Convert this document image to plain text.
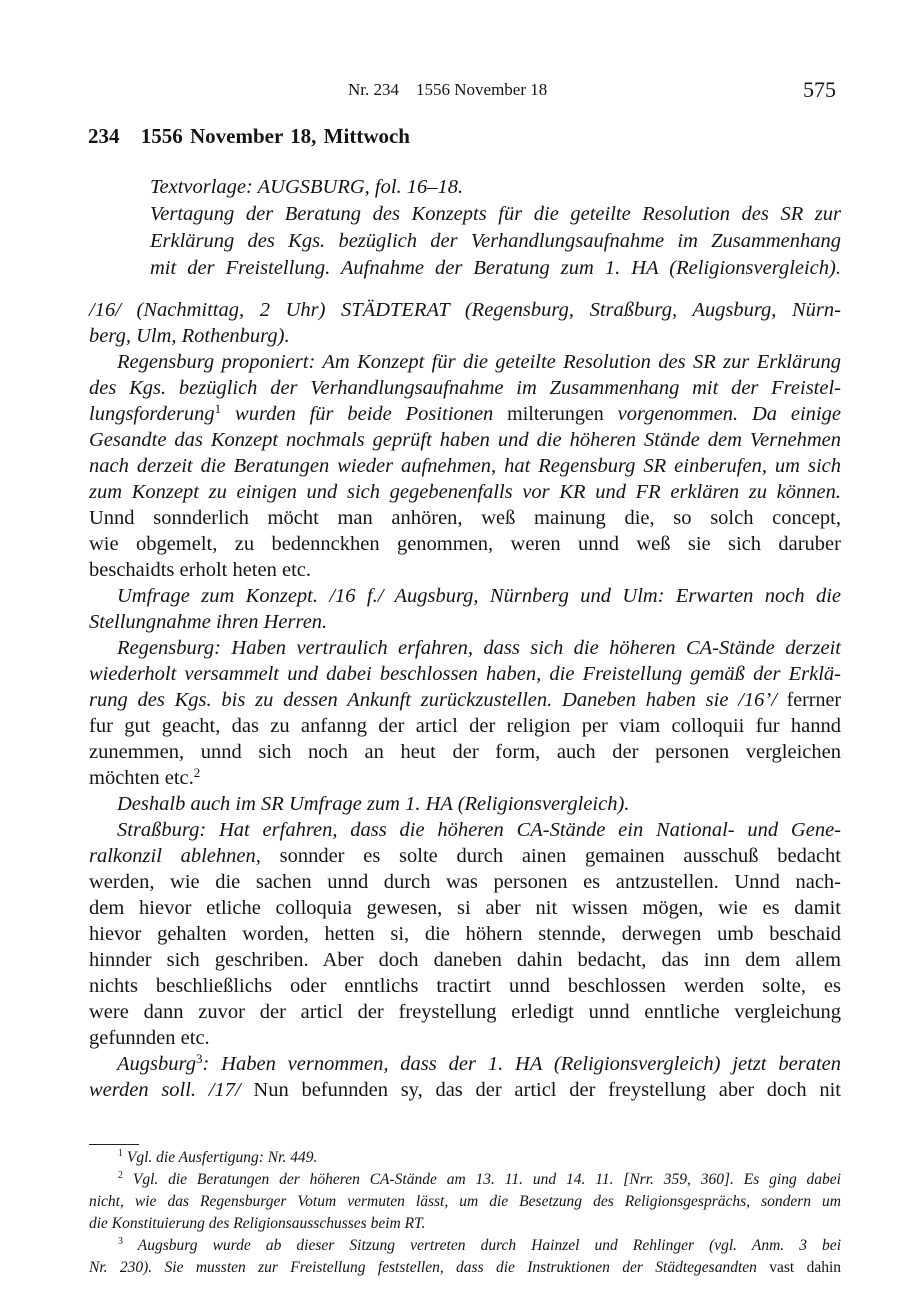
Nr. 234    1556 November 18	575
234 1556 November 18, Mittwoch
Textvorlage: AUGSBURG, fol. 16–18.
Vertagung der Beratung des Konzepts für die geteilte Resolution des SR zur
Erklärung des Kgs. bezüglich der Verhandlungsaufnahme im Zusammenhang
mit der Freistellung. Aufnahme der Beratung zum 1. HA (Religionsvergleich).
/16/ (Nachmittag, 2 Uhr) STÄDTERAT (Regensburg, Straßburg, Augsburg, Nürn-
berg, Ulm, Rothenburg).
Regensburg proponiert: Am Konzept für die geteilte Resolution des SR zur Erklärung
des Kgs. bezüglich der Verhandlungsaufnahme im Zusammenhang mit der Freistel-
lungsforderung$^1$ wurden für beide Positionen milterungen vorgenommen. Da einige
Gesandte das Konzept nochmals geprüft haben und die höheren Stände dem Vernehmen
nach derzeit die Beratungen wieder aufnehmen, hat Regensburg SR einberufen, um sich
zum Konzept zu einigen und sich gegebenenfalls vor KR und FR erklären zu können.
Unnd sonnderlich möcht man anhören, weß mainung die, so solch concept,
wie obgemelt, zu bedennckhen genommen, weren unnd weß sie sich daruber
beschaidts erholt heten etc.
Umfrage zum Konzept. /16 f./ Augsburg, Nürnberg und Ulm: Erwarten noch die
Stellungnahme ihren Herren.
Regensburg: Haben vertraulich erfahren, dass sich die höheren CA-Stände derzeit
wiederholt versammelt und dabei beschlossen haben, die Freistellung gemäß der Erklä-
rung des Kgs. bis zu dessen Ankunft zurückzustellen. Daneben haben sie /16’/ ferrner
fur gut geacht, das zu anfanng der articl der religion per viam colloquii fur hannd
zunemmen, unnd sich noch an heut der form, auch der personen vergleichen
möchten etc.$^2$
Deshalb auch im SR Umfrage zum 1. HA (Religionsvergleich).
Straßburg: Hat erfahren, dass die höheren CA-Stände ein National- und Gene-
ralkonzil ablehnen, sonnder es solte durch ainen gemainen ausschuß bedacht
werden, wie die sachen unnd durch was personen es antzustellen. Unnd nach-
dem hievor etliche colloquia gewesen, si aber nit wissen mögen, wie es damit
hievor gehalten worden, hetten si, die höhern stennde, derwegen umb beschaid
hinnder sich geschriben. Aber doch daneben dahin bedacht, das inn dem allem
nichts beschließlichs oder enntlichs tractirt unnd beschlossen werden solte, es
were dann zuvor der articl der freystellung erledigt unnd enntliche vergleichung
gefunnden etc.
Augsburg$^3$: Haben vernommen, dass der 1. HA (Religionsvergleich) jetzt beraten
werden soll. /17/ Nun befunnden sy, das der articl der freystellung aber doch nit
$^1$ Vgl. die Ausfertigung: Nr. 449.
$^2$ Vgl. die Beratungen der höheren CA-Stände am 13. 11. und 14. 11. [Nrr. 359, 360]. Es ging dabei
nicht, wie das Regensburger Votum vermuten lässt, um die Besetzung des Religionsgesprächs, sondern um
die Konstituierung des Religionsausschusses beim RT.
$^3$ Augsburg wurde ab dieser Sitzung vertreten durch Hainzel und Rehlinger (vgl. Anm. 3 bei
Nr. 230). Sie mussten zur Freistellung feststellen, dass die Instruktionen der Städtegesandten vast dahin
